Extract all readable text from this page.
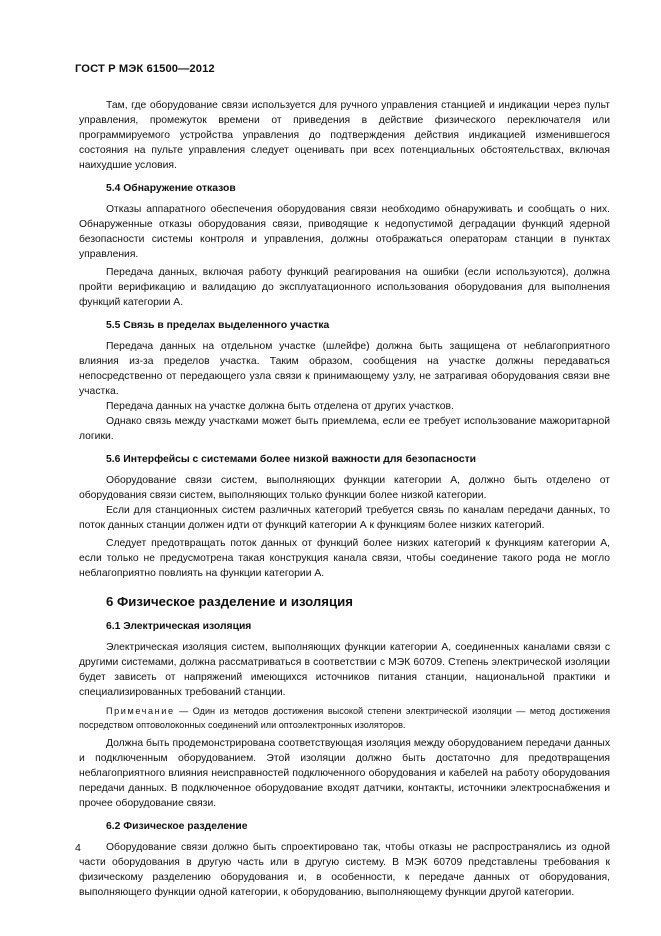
ГОСТ Р МЭК 61500—2012

Там, где оборудование связи используется для ручного управления станцией и индикации через пульт управления, промежуток времени от приведения в действие физического переключателя или программируемого устройства управления до подтверждения действия индикацией изменившегося состояния на пульте управления следует оценивать при всех потенциальных обстоятельствах, включая наихудшие условия.

5.4 Обнаружение отказов

Отказы аппаратного обеспечения оборудования связи необходимо обнаруживать и сообщать о них. Обнаруженные отказы оборудования связи, приводящие к недопустимой деградации функций ядерной безопасности системы контроля и управления, должны отображаться операторам станции в пунктах управления.

Передача данных, включая работу функций реагирования на ошибки (если используются), должна пройти верификацию и валидацию до эксплуатационного использования оборудования для выполнения функций категории А.

5.5 Связь в пределах выделенного участка

Передача данных на отдельном участке (шлейфе) должна быть защищена от неблагоприятного влияния из-за пределов участка. Таким образом, сообщения на участке должны передаваться непосредственно от передающего узла связи к принимающему узлу, не затрагивая оборудования связи вне участка.

Передача данных на участке должна быть отделена от других участков.

Однако связь между участками может быть приемлема, если ее требует использование мажоритарной логики.

5.6 Интерфейсы с системами более низкой важности для безопасности

Оборудование связи систем, выполняющих функции категории А, должно быть отделено от оборудования связи систем, выполняющих только функции более низкой категории.

Если для станционных систем различных категорий требуется связь по каналам передачи данных, то поток данных станции должен идти от функций категории А к функциям более низких категорий.

Следует предотвращать поток данных от функций более низких категорий к функциям категории А, если только не предусмотрена такая конструкция канала связи, чтобы соединение такого рода не могло неблагоприятно повлиять на функции категории А.

6 Физическое разделение и изоляция
6.1 Электрическая изоляция

Электрическая изоляция систем, выполняющих функции категории А, соединенных каналами связи с другими системами, должна рассматриваться в соответствии с МЭК 60709. Степень электрической изоляции будет зависеть от напряжений имеющихся источников питания станции, национальной практики и специализированных требований станции.

Примечание — Один из методов достижения высокой степени электрической изоляции — метод достижения посредством оптоволоконных соединений или оптоэлектронных изоляторов.

Должна быть продемонстрирована соответствующая изоляция между оборудованием передачи данных и подключенным оборудованием. Этой изоляции должно быть достаточно для предотвращения неблагоприятного влияния неисправностей подключенного оборудования и кабелей на работу оборудования передачи данных. В подключенное оборудование входят датчики, контакты, источники электроснабжения и прочее оборудование связи.

6.2 Физическое разделение

Оборудование связи должно быть спроектировано так, чтобы отказы не распространялись из одной части оборудования в другую часть или в другую систему. В МЭК 60709 представлены требования к физическому разделению оборудования и, в особенности, к передаче данных от оборудования, выполняющего функции одной категории, к оборудованию, выполняющему функции другой категории.

4
